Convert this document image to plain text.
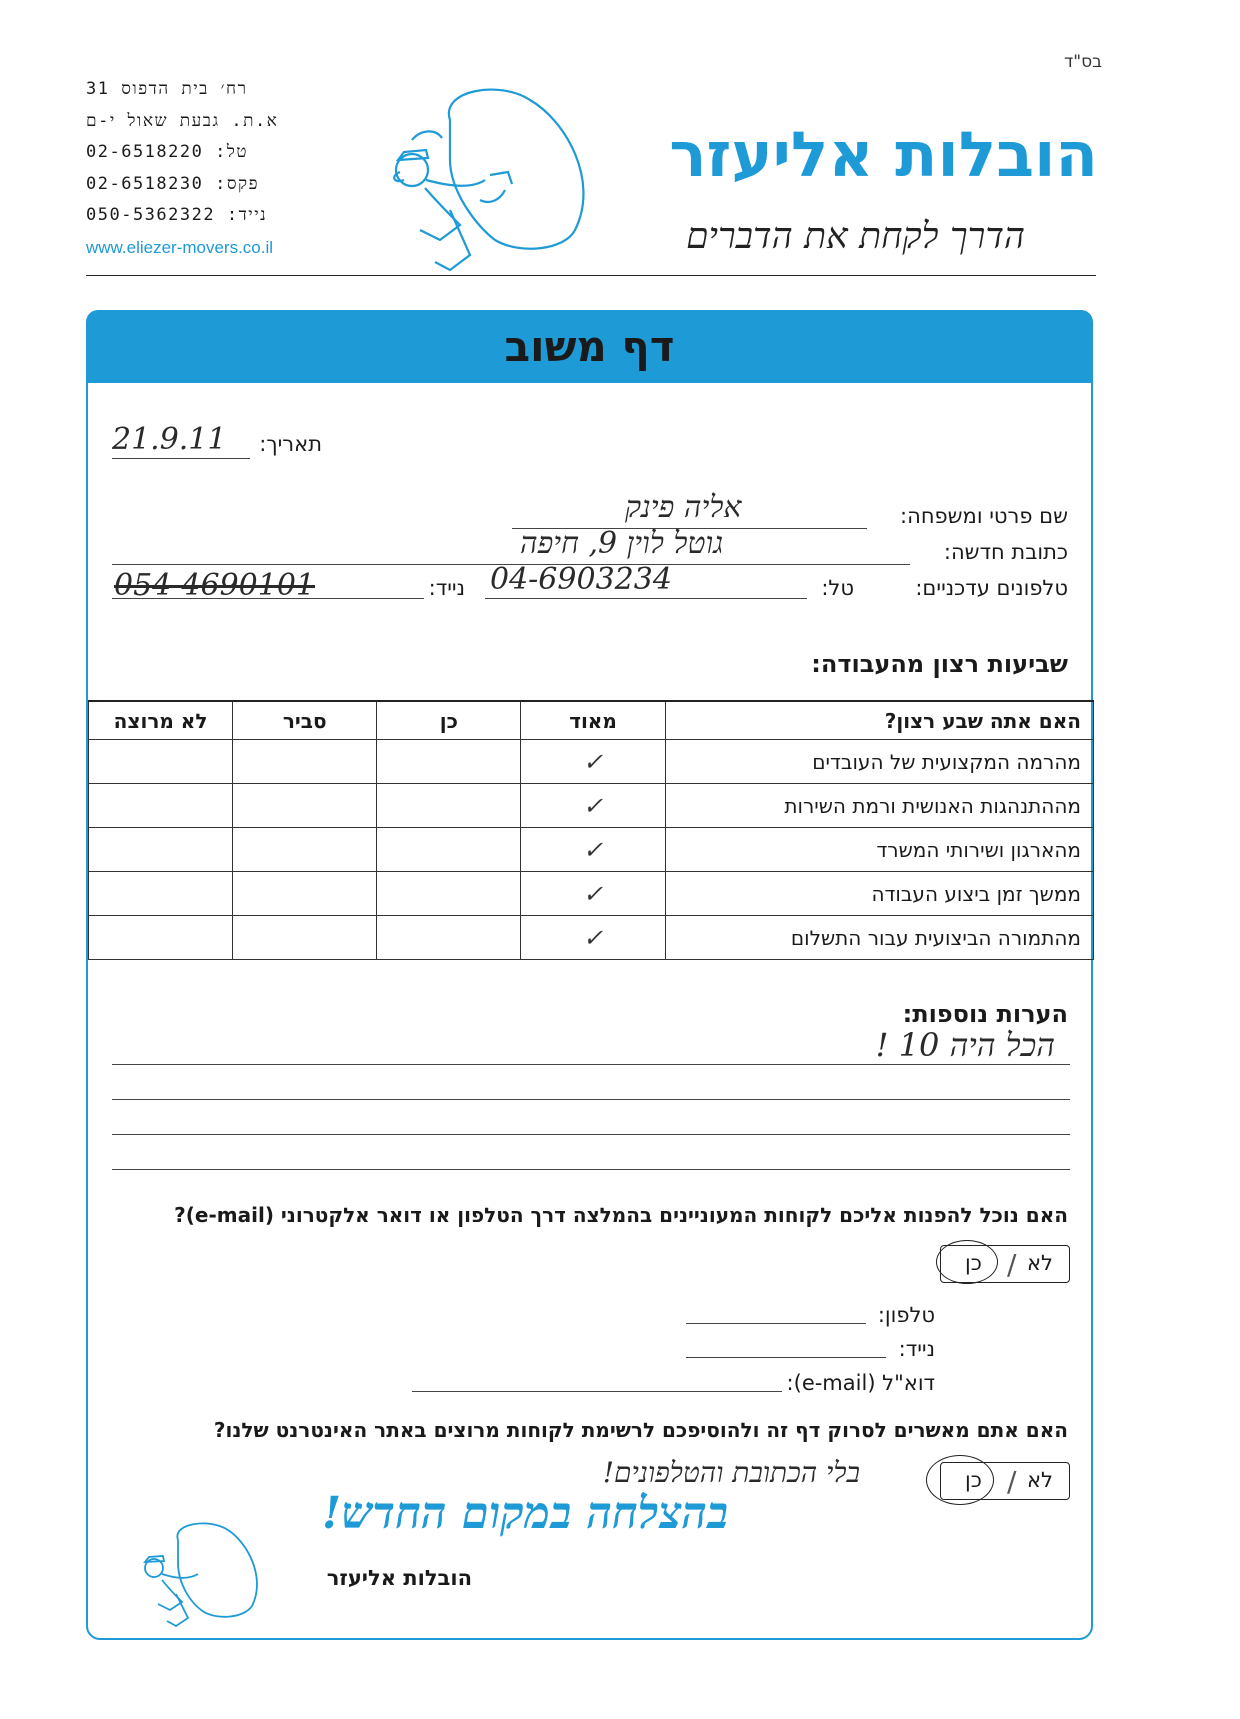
בס"ד
רח׳ בית הדפוס 31
א.ת. גבעת שאול י-ם
טל: 02-6518220
פקס: 02-6518230
נייד: 050-5362322
www.eliezer-movers.co.il
הובלות אליעזר
הדרך לקחת את הדברים
דף משוב
תאריך:
21.9.11
שם פרטי ומשפחה:
אליה פינק
כתובת חדשה:
גוטל לוין 9, חיפה
טלפונים עדכניים:
טל:
04-6903234
נייד:
054-4690101
שביעות רצון מהעבודה:
האם אתה שבע רצון?	מאוד	כן	סביר	לא מרוצה
מהרמה המקצועית של העובדים	✓			
מההתנהגות האנושית ורמת השירות	✓			
מהארגון ושירותי המשרד	✓			
ממשך זמן ביצוע העבודה	✓			
מהתמורה הביצועית עבור התשלום	✓			
הערות נוספות:
הכל היה 10 !
האם נוכל להפנות אליכם לקוחות המעוניינים בהמלצה דרך הטלפון או דואר אלקטרוני (e-mail)?
לא
/
כן
טלפון:
נייד:
דוא"ל (e-mail):
האם אתם מאשרים לסרוק דף זה ולהוסיפכם לרשימת לקוחות מרוצים באתר האינטרנט שלנו?
בלי הכתובת והטלפונים!	לא
/
כן
בהצלחה במקום החדש!
הובלות אליעזר
